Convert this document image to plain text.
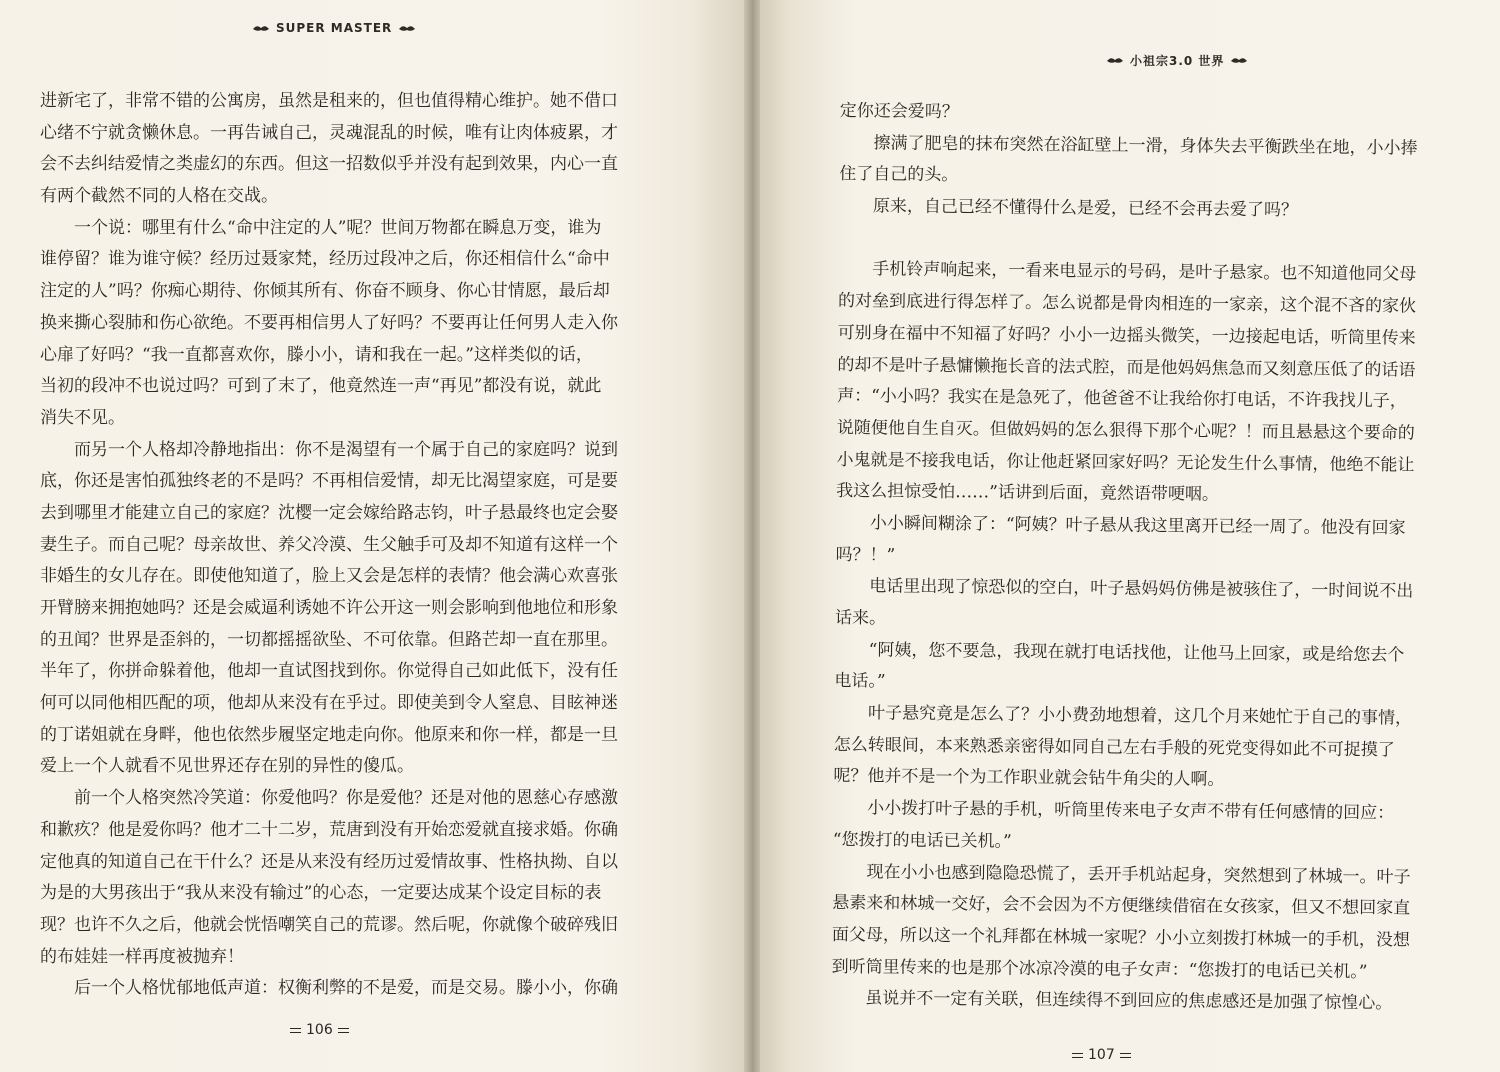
SUPER MASTER
小祖宗3.0 世界
进新宅了，非常不错的公寓房，虽然是租来的，但也值得精心维护。她不借口
心绪不宁就贪懒休息。一再告诫自己，灵魂混乱的时候，唯有让肉体疲累，才
会不去纠结爱情之类虚幻的东西。但这一招数似乎并没有起到效果，内心一直
有两个截然不同的人格在交战。
一个说：哪里有什么“命中注定的人”呢？世间万物都在瞬息万变，谁为
谁停留？谁为谁守候？经历过聂家梵，经历过段冲之后，你还相信什么“命中
注定的人”吗？你痴心期待、你倾其所有、你奋不顾身、你心甘情愿，最后却
换来撕心裂肺和伤心欲绝。不要再相信男人了好吗？不要再让任何男人走入你
心扉了好吗？“我一直都喜欢你，滕小小，请和我在一起。”这样类似的话，
当初的段冲不也说过吗？可到了末了，他竟然连一声“再见”都没有说，就此
消失不见。
而另一个人格却冷静地指出：你不是渴望有一个属于自己的家庭吗？说到
底，你还是害怕孤独终老的不是吗？不再相信爱情，却无比渴望家庭，可是要
去到哪里才能建立自己的家庭？沈樱一定会嫁给路志钧，叶子悬最终也定会娶
妻生子。而自己呢？母亲故世、养父冷漠、生父触手可及却不知道有这样一个
非婚生的女儿存在。即使他知道了，脸上又会是怎样的表情？他会满心欢喜张
开臂膀来拥抱她吗？还是会威逼利诱她不许公开这一则会影响到他地位和形象
的丑闻？世界是歪斜的，一切都摇摇欲坠、不可依靠。但路芒却一直在那里。
半年了，你拼命躲着他，他却一直试图找到你。你觉得自己如此低下，没有任
何可以同他相匹配的项，他却从来没有在乎过。即使美到令人窒息、目眩神迷
的丁诺姐就在身畔，他也依然步履坚定地走向你。他原来和你一样，都是一旦
爱上一个人就看不见世界还存在别的异性的傻瓜。
前一个人格突然冷笑道：你爱他吗？你是爱他？还是对他的恩慈心存感激
和歉疚？他是爱你吗？他才二十二岁，荒唐到没有开始恋爱就直接求婚。你确
定他真的知道自己在干什么？还是从来没有经历过爱情故事、性格执拗、自以
为是的大男孩出于“我从来没有输过”的心态，一定要达成某个设定目标的表
现？也许不久之后，他就会恍悟嘲笑自己的荒谬。然后呢，你就像个破碎残旧
的布娃娃一样再度被抛弃！
后一个人格忧郁地低声道：权衡利弊的不是爱，而是交易。滕小小，你确
定你还会爱吗？
擦满了肥皂的抹布突然在浴缸壁上一滑，身体失去平衡跌坐在地，小小捧
住了自己的头。
原来，自己已经不懂得什么是爱，已经不会再去爱了吗？
手机铃声响起来，一看来电显示的号码，是叶子悬家。也不知道他同父母
的对垒到底进行得怎样了。怎么说都是骨肉相连的一家亲，这个混不吝的家伙
可别身在福中不知福了好吗？小小一边摇头微笑，一边接起电话，听筒里传来
的却不是叶子悬慵懒拖长音的法式腔，而是他妈妈焦急而又刻意压低了的话语
声：“小小吗？我实在是急死了，他爸爸不让我给你打电话，不许我找儿子，
说随便他自生自灭。但做妈妈的怎么狠得下那个心呢？！而且悬悬这个要命的
小鬼就是不接我电话，你让他赶紧回家好吗？无论发生什么事情，他绝不能让
我这么担惊受怕……”话讲到后面，竟然语带哽咽。
小小瞬间糊涂了：“阿姨？叶子悬从我这里离开已经一周了。他没有回家
吗？！”
电话里出现了惊恐似的空白，叶子悬妈妈仿佛是被骇住了，一时间说不出
话来。
“阿姨，您不要急，我现在就打电话找他，让他马上回家，或是给您去个
电话。”
叶子悬究竟是怎么了？小小费劲地想着，这几个月来她忙于自己的事情，
怎么转眼间，本来熟悉亲密得如同自己左右手般的死党变得如此不可捉摸了
呢？他并不是一个为工作职业就会钻牛角尖的人啊。
小小拨打叶子悬的手机，听筒里传来电子女声不带有任何感情的回应：
“您拨打的电话已关机。”
现在小小也感到隐隐恐慌了，丢开手机站起身，突然想到了林城一。叶子
悬素来和林城一交好，会不会因为不方便继续借宿在女孩家，但又不想回家直
面父母，所以这一个礼拜都在林城一家呢？小小立刻拨打林城一的手机，没想
到听筒里传来的也是那个冰凉冷漠的电子女声：“您拨打的电话已关机。”
虽说并不一定有关联，但连续得不到回应的焦虑感还是加强了惊惶心。
106
107
